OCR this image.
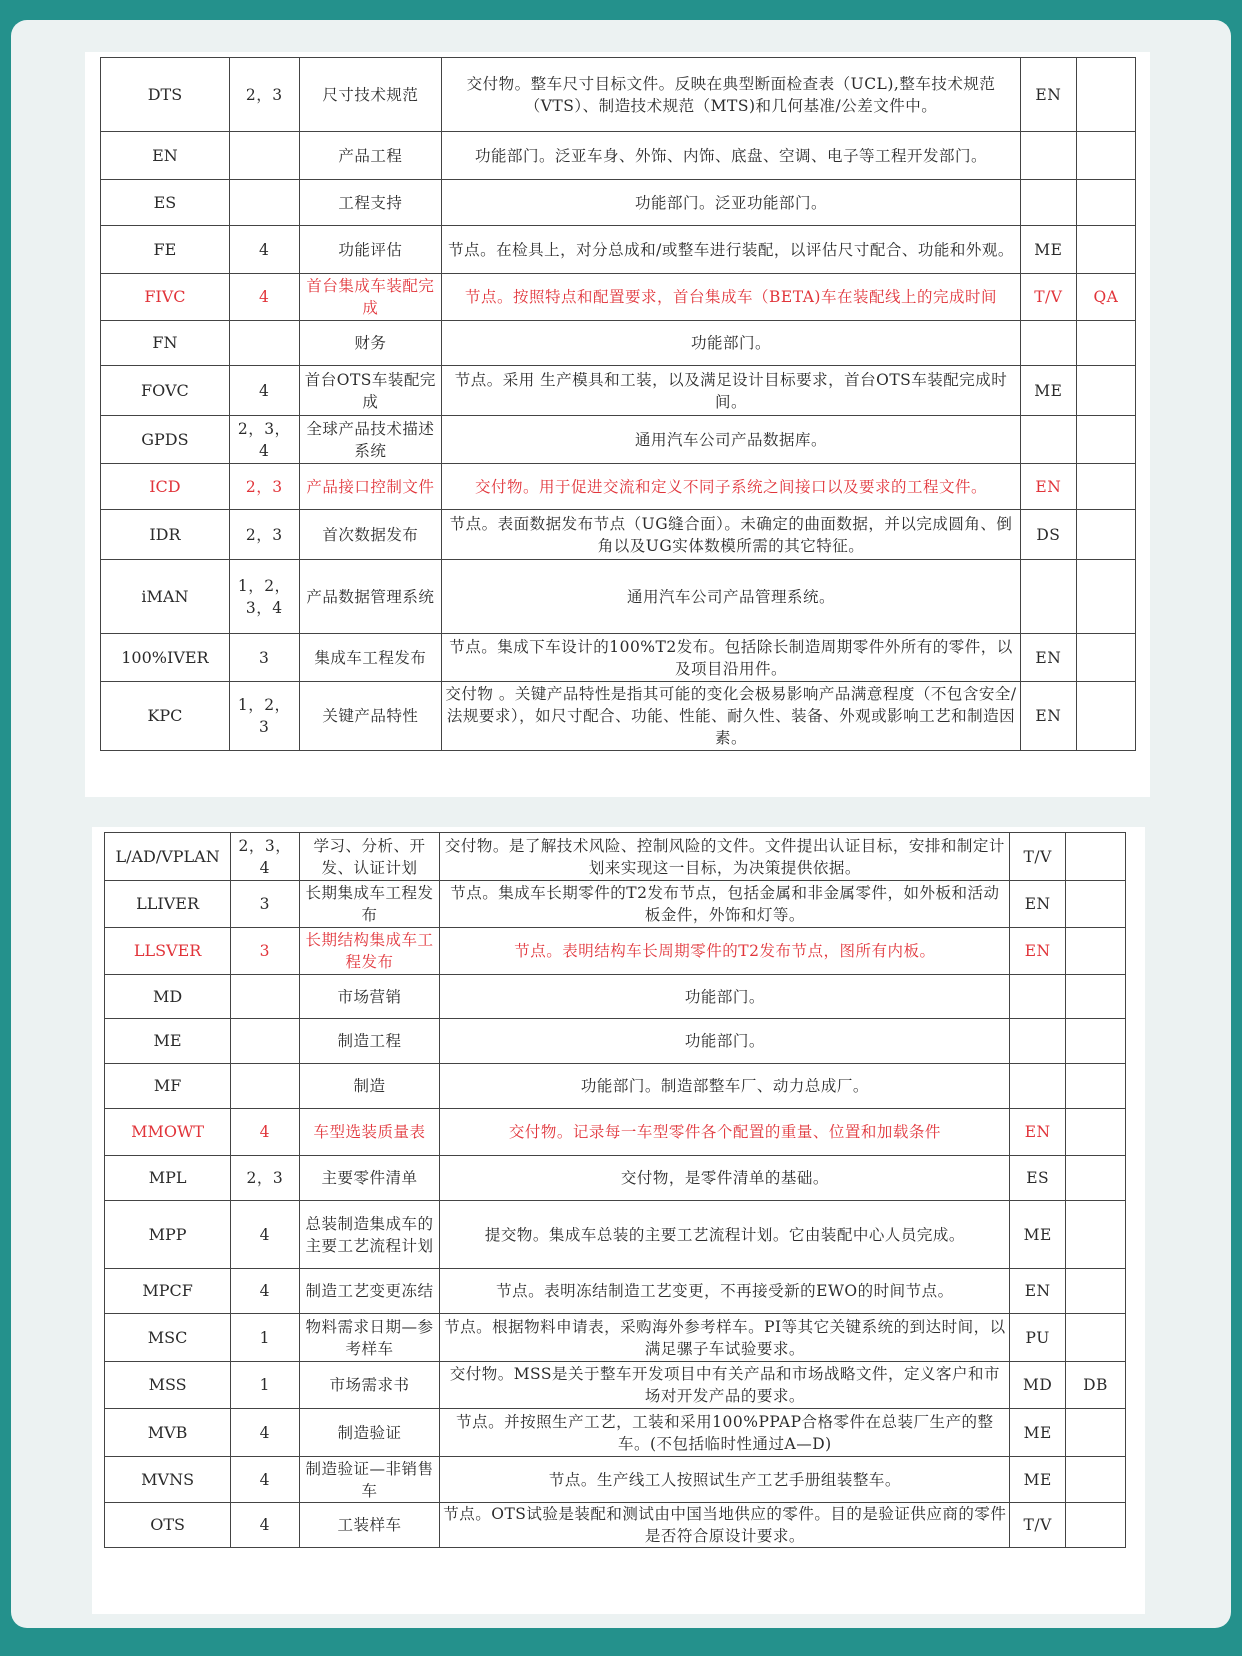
DTS	2，3	尺寸技术规范	交付物。整车尺寸目标文件。反映在典型断面检查表（UCL),整车技术规范（VTS）、制造技术规范（MTS)和几何基准/公差文件中。	EN	
EN		产品工程	功能部门。泛亚车身、外饰、内饰、底盘、空调、电子等工程开发部门。		
ES		工程支持	功能部门。泛亚功能部门。		
FE	4	功能评估	节点。在检具上，对分总成和/或整车进行装配，以评估尺寸配合、功能和外观。	ME	
FIVC	4	首台集成车装配完成	节点。按照特点和配置要求，首台集成车（BETA)车在装配线上的完成时间	T/V	QA
FN		财务	功能部门。		
FOVC	4	首台OTS车装配完成	节点。采用 生产模具和工装，以及满足设计目标要求，首台OTS车装配完成时间。	ME	
GPDS	2，3，4	全球产品技术描述系统	通用汽车公司产品数据库。		
ICD	2，3	产品接口控制文件	交付物。用于促进交流和定义不同子系统之间接口以及要求的工程文件。	EN	
IDR	2，3	首次数据发布	节点。表面数据发布节点（UG缝合面）。未确定的曲面数据，并以完成圆角、倒角以及UG实体数模所需的其它特征。	DS	
iMAN	1，2，3，4	产品数据管理系统	通用汽车公司产品管理系统。		
100%IVER	3	集成车工程发布	节点。集成下车设计的100%T2发布。包括除长制造周期零件外所有的零件，以及项目沿用件。	EN	
KPC	1，2，3	关键产品特性	交付物 。关键产品特性是指其可能的变化会极易影响产品满意程度（不包含安全/法规要求），如尺寸配合、功能、性能、耐久性、装备、外观或影响工艺和制造因素。	EN	
L/AD/VPLAN	2，3，4	学习、分析、开发、认证计划	交付物。是了解技术风险、控制风险的文件。文件提出认证目标，安排和制定计划来实现这一目标，为决策提供依据。	T/V	
LLIVER	3	长期集成车工程发布	节点。集成车长期零件的T2发布节点，包括金属和非金属零件，如外板和活动板金件，外饰和灯等。	EN	
LLSVER	3	长期结构集成车工程发布	节点。表明结构车长周期零件的T2发布节点，图所有内板。	EN	
MD		市场营销	功能部门。		
ME		制造工程	功能部门。		
MF		制造	功能部门。制造部整车厂、动力总成厂。		
MMOWT	4	车型选装质量表	交付物。记录每一车型零件各个配置的重量、位置和加载条件	EN	
MPL	2，3	主要零件清单	交付物，是零件清单的基础。	ES	
MPP	4	总装制造集成车的主要工艺流程计划	提交物。集成车总装的主要工艺流程计划。它由装配中心人员完成。	ME	
MPCF	4	制造工艺变更冻结	节点。表明冻结制造工艺变更，不再接受新的EWO的时间节点。	EN	
MSC	1	物料需求日期—参考样车	节点。根据物料申请表，采购海外参考样车。PI等其它关键系统的到达时间，以满足骡子车试验要求。	PU	
MSS	1	市场需求书	交付物。MSS是关于整车开发项目中有关产品和市场战略文件，定义客户和市场对开发产品的要求。	MD	DB
MVB	4	制造验证	节点。并按照生产工艺，工装和采用100%PPAP合格零件在总装厂生产的整车。(不包括临时性通过A—D)	ME	
MVNS	4	制造验证—非销售车	节点。生产线工人按照试生产工艺手册组装整车。	ME	
OTS	4	工装样车	节点。OTS试验是装配和测试由中国当地供应的零件。目的是验证供应商的零件是否符合原设计要求。	T/V	
